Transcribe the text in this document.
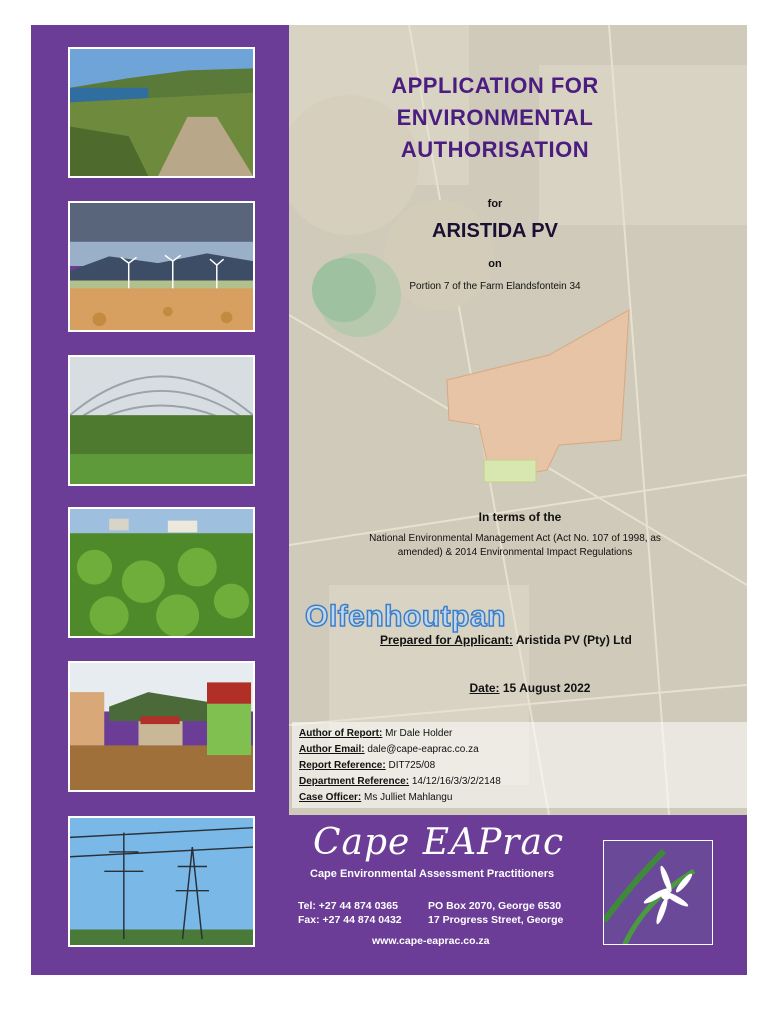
APPLICATION FOR ENVIRONMENTAL AUTHORISATION
for
ARISTIDA PV
on
Portion 7 of the Farm Elandsfontein 34
In terms of the
National Environmental Management Act (Act No. 107 of 1998, as
amended) & 2014 Environmental Impact Regulations
Olfenhoutpan
Prepared for Applicant: Aristida PV (Pty) Ltd
Date: 15 August 2022
Author of Report: Mr Dale Holder
Author Email: dale@cape-eaprac.co.za
Report Reference: DIT725/08
Department Reference: 14/12/16/3/3/2/2148
Case Officer: Ms Julliet Mahlangu
Cape EAPrac
Cape Environmental Assessment Practitioners
Tel: +27 44 874 0365
Fax: +27 44 874 0432
PO Box 2070, George 6530
17 Progress Street, George
www.cape-eaprac.co.za
